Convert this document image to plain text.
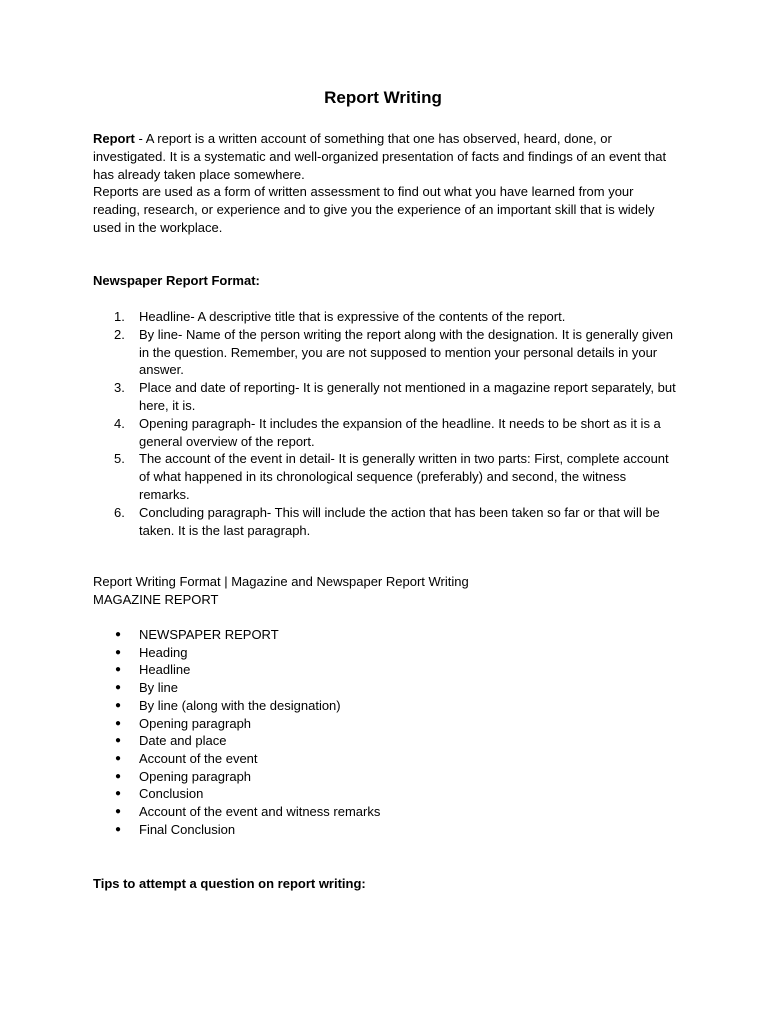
Report Writing

Report - A report is a written account of something that one has observed, heard, done, or investigated. It is a systematic and well-organized presentation of facts and findings of an event that has already taken place somewhere.

Reports are used as a form of written assessment to find out what you have learned from your reading, research, or experience and to give you the experience of an important skill that is widely used in the workplace.

Newspaper Report Format:
1. Headline- A descriptive title that is expressive of the contents of the report.
2. By line- Name of the person writing the report along with the designation. It is generally given in the question. Remember, you are not supposed to mention your personal details in your answer.
3. Place and date of reporting- It is generally not mentioned in a magazine report separately, but here, it is.
4. Opening paragraph- It includes the expansion of the headline. It needs to be short as it is a general overview of the report.
5. The account of the event in detail- It is generally written in two parts: First, complete account of what happened in its chronological sequence (preferably) and second, the witness remarks.
6. Concluding paragraph- This will include the action that has been taken so far or that will be taken. It is the last paragraph.

Report Writing Format | Magazine and Newspaper Report Writing

MAGAZINE REPORT

● NEWSPAPER REPORT
● Heading
● Headline
● By line
● By line (along with the designation)
● Opening paragraph
● Date and place
● Account of the event
● Opening paragraph
● Conclusion
● Account of the event and witness remarks
● Final Conclusion
Tips to attempt a question on report writing:
